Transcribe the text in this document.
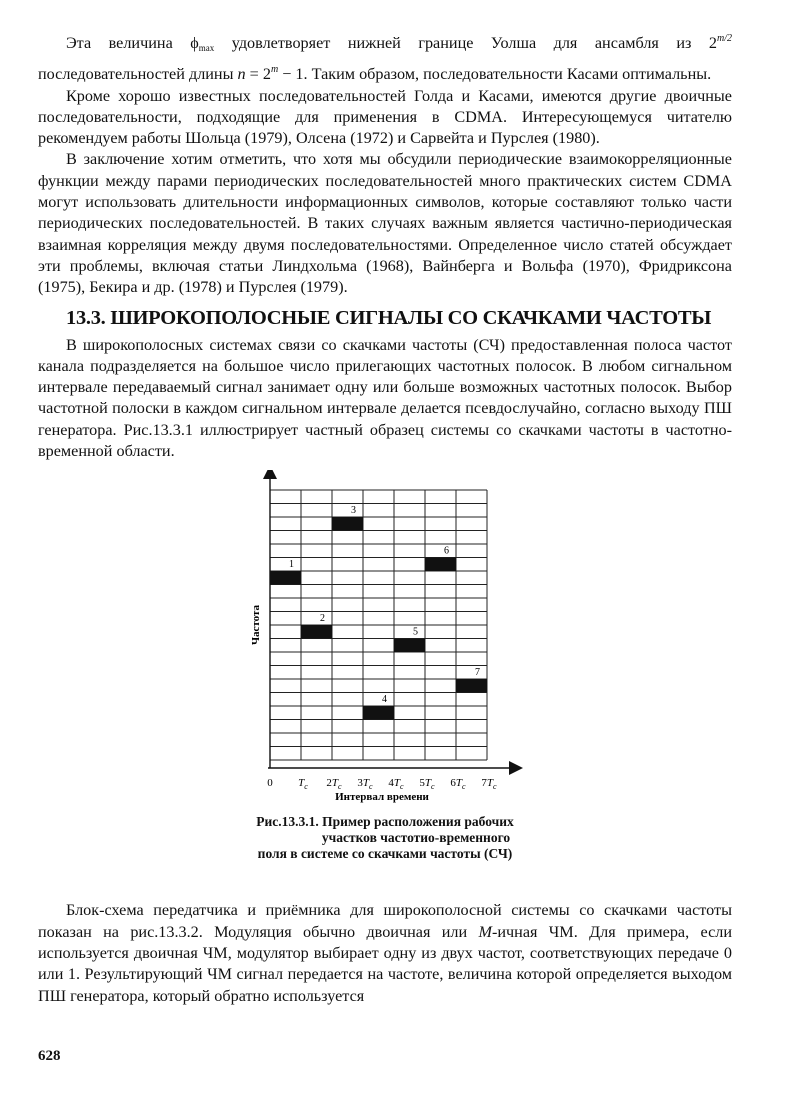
Эта величина $\phi_{max}$ удовлетворяет нижней границе Уолша для ансамбля из $2^{m/2}$ последовательностей длины $n = 2^m - 1$. Таким образом, последовательности Касами оптимальны.

Кроме хорошо известных последовательностей Голда и Касами, имеются другие двоичные последовательности, подходящие для применения в CDMA. Интересующемуся читателю рекомендуем работы Шольца (1979), Олсена (1972) и Сарвейта и Пурслея (1980).

В заключение хотим отметить, что хотя мы обсудили периодические взаимокорреляционные функции между парами периодических последовательностей много практических систем CDMA могут использовать длительности информационных символов, которые составляют только части периодических последовательностей. В таких случаях важным является частично-периодическая взаимная корреляция между двумя последовательностями. Определенное число статей обсуждает эти проблемы, включая статьи Линдхольма (1968), Вайнберга и Вольфа (1970), Фридриксона (1975), Бекира и др. (1978) и Пурслея (1979).

13.3. ШИРОКОПОЛОСНЫЕ СИГНАЛЫ СО СКАЧКАМИ ЧАСТОТЫ

В широкополосных системах связи со скачками частоты (СЧ) предоставленная полоса частот канала подразделяется на большое число прилегающих частотных полосок. В любом сигнальном интервале передаваемый сигнал занимает одну или больше возможных частотных полосок. Выбор частотной полоски в каждом сигнальном интервале делается псевдослучайно, согласно выходу ПШ генератора. Рис.13.3.1 иллюстрирует частный образец системы со скачками частоты в частотно-временной области.

0 $T_c$ $2T_c$ $3T_c$ $4T_c$ $5T_c$ $6T_c$ $7T_c$
1
2
3
4
5
6
7
Частота
Интервал времени
Рис.13.3.1. Пример расположения рабочих
участков частотио-временного
поля в системе со скачками частоты (СЧ)

Блок-схема передатчика и приёмника для широкополосной системы со скачками частоты показан на рис.13.3.2. Модуляция обычно двоичная или M-ичная ЧМ. Для примера, если используется двоичная ЧМ, модулятор выбирает одну из двух частот, соответствующих передаче 0 или 1. Результирующий ЧМ сигнал передается на частоте, величина которой определяется выходом ПШ генератора, который обратно используется

628
